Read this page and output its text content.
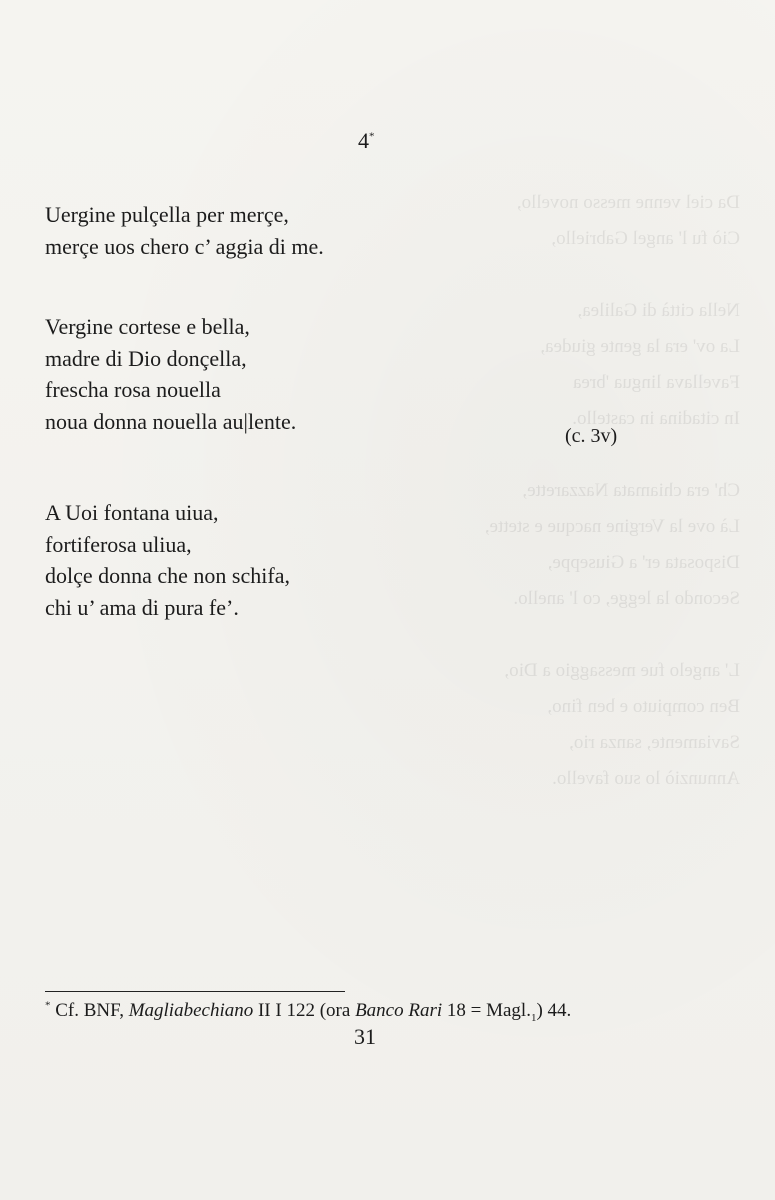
Da ciel venne messo novello,
Ciò fu l' angel Gabriello,

Nella città di Galilea,
La ov' era la gente giudea,
Favellava lingua 'brea
In citadina in castello.

Ch' era chiamata Nazzarette,
Là ove la Vergine nacque e stette,
Disposata er' a Giuseppe,
Secondo la legge, co l' anello.

L' angelo fue messaggio a Dio,
Ben compiuto e ben fino,
Saviamente, sanza rio,
Annunziò lo suo favello.
4*
Uergine pulçella per merçe,
merçe uos chero c’ aggia di me.
Vergine cortese e bella,
madre di Dio donçella,
frescha rosa nouella
noua donna nouella au|lente.
(c. 3v)
A Uoi fontana uiua,
fortiferosa uliua,
dolçe donna che non schifa,
chi u’ ama di pura fe’.
* Cf. BNF, Magliabechiano II I 122 (ora Banco Rari $18 = Magl._1$) 44.
31
